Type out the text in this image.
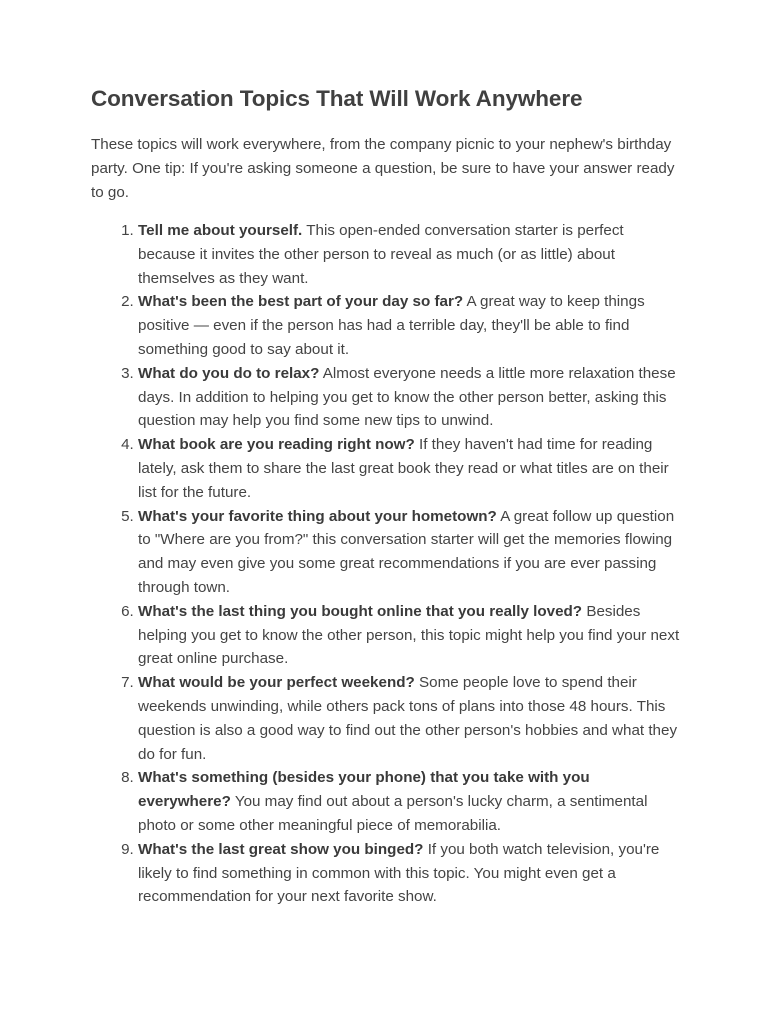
Conversation Topics That Will Work Anywhere

These topics will work everywhere, from the company picnic to your nephew's birthday party. One tip: If you're asking someone a question, be sure to have your answer ready to go.

1. Tell me about yourself. This open-ended conversation starter is perfect because it invites the other person to reveal as much (or as little) about themselves as they want.
2. What's been the best part of your day so far? A great way to keep things positive — even if the person has had a terrible day, they'll be able to find something good to say about it.
3. What do you do to relax? Almost everyone needs a little more relaxation these days. In addition to helping you get to know the other person better, asking this question may help you find some new tips to unwind.
4. What book are you reading right now? If they haven't had time for reading lately, ask them to share the last great book they read or what titles are on their list for the future.
5. What's your favorite thing about your hometown? A great follow up question to "Where are you from?" this conversation starter will get the memories flowing and may even give you some great recommendations if you are ever passing through town.
6. What's the last thing you bought online that you really loved? Besides helping you get to know the other person, this topic might help you find your next great online purchase.
7. What would be your perfect weekend? Some people love to spend their weekends unwinding, while others pack tons of plans into those 48 hours. This question is also a good way to find out the other person's hobbies and what they do for fun.
8. What's something (besides your phone) that you take with you everywhere? You may find out about a person's lucky charm, a sentimental photo or some other meaningful piece of memorabilia.
9. What's the last great show you binged? If you both watch television, you're likely to find something in common with this topic. You might even get a recommendation for your next favorite show.
